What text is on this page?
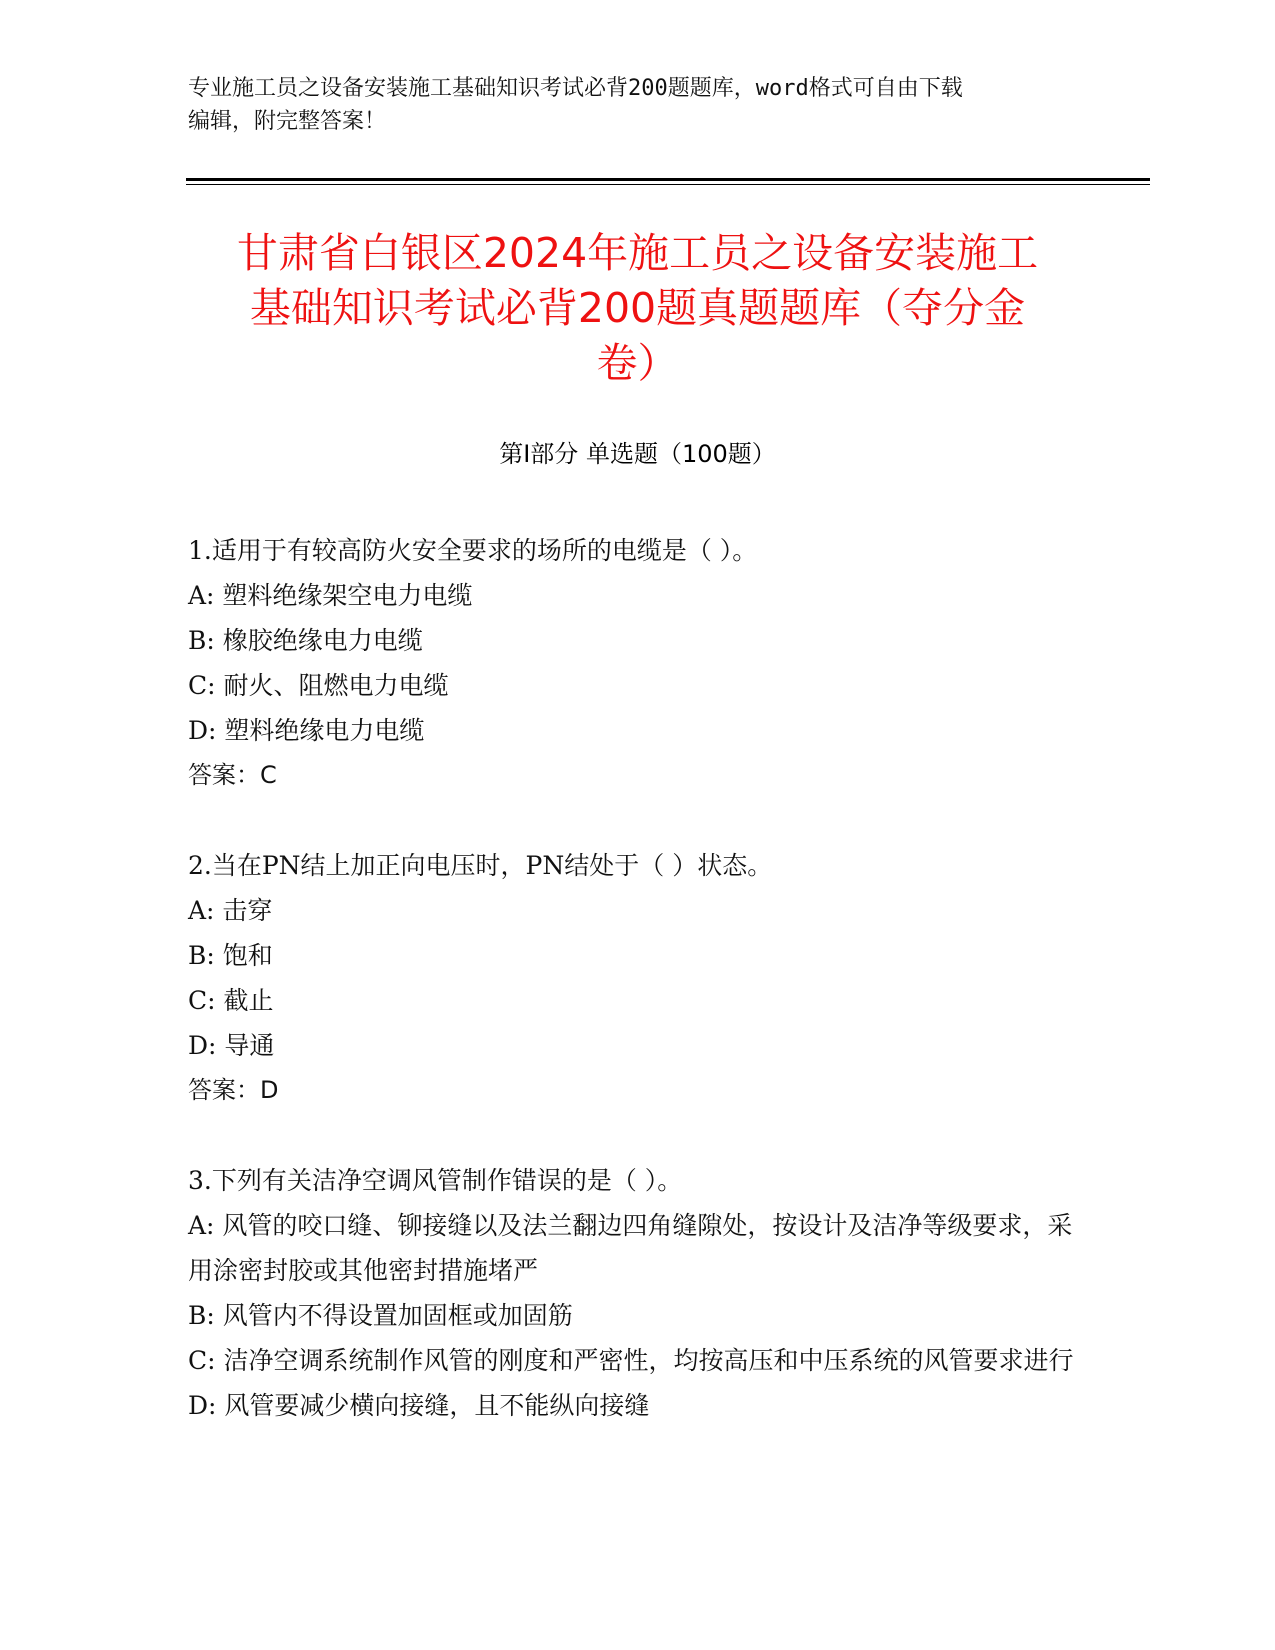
专业施工员之设备安装施工基础知识考试必背200题题库，word格式可自由下载
编辑，附完整答案！
甘肃省白银区2024年施工员之设备安装施工
基础知识考试必背200题真题题库（夺分金
卷）
第Ⅰ部分 单选题（100题）

1.适用于有较高防火安全要求的场所的电缆是（ ）。

A: 塑料绝缘架空电力电缆

B: 橡胶绝缘电力电缆

C: 耐火、阻燃电力电缆

D: 塑料绝缘电力电缆

答案：C

2.当在PN结上加正向电压时，PN结处于（ ）状态。

A: 击穿

B: 饱和

C: 截止

D: 导通

答案：D

3.下列有关洁净空调风管制作错误的是（ ）。

A: 风管的咬口缝、铆接缝以及法兰翻边四角缝隙处，按设计及洁净等级要求，采用涂密封胶或其他密封措施堵严

B: 风管内不得设置加固框或加固筋

C: 洁净空调系统制作风管的刚度和严密性，均按高压和中压系统的风管要求进行

D: 风管要减少横向接缝，且不能纵向接缝
